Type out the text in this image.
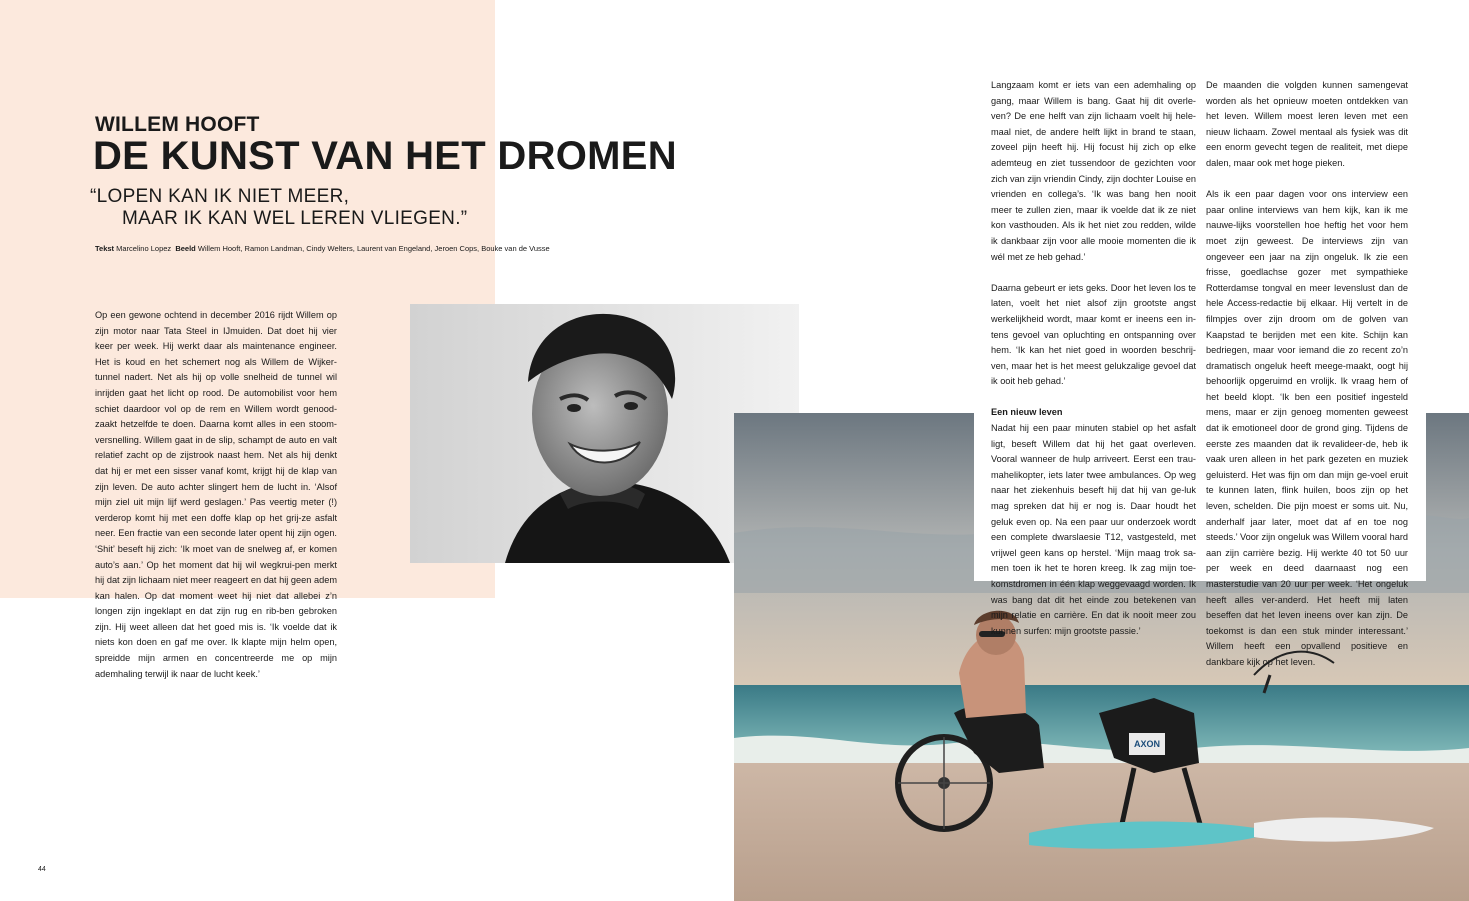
WILLEM HOOFT
DE KUNST VAN HET DROMEN
“LOPEN KAN IK NIET MEER,
MAAR IK KAN WEL LEREN VLIEGEN.”
Tekst Marcelino Lopez Beeld Willem Hooft, Ramon Landman, Cindy Welters, Laurent van Engeland, Jeroen Cops, Bouke van de Vusse

Op een gewone ochtend in december 2016 rijdt Willem op zijn motor naar Tata Steel in IJmuiden. Dat doet hij vier keer per week. Hij werkt daar als maintenance engineer. Het is koud en het schemert nog als Willem de Wijker-tunnel nadert. Net als hij op volle snelheid de tunnel wil inrijden gaat het licht op rood. De automobilist voor hem schiet daardoor vol op de rem en Willem wordt genood-zaakt hetzelfde te doen. Daarna komt alles in een stoom-versnelling. Willem gaat in de slip, schampt de auto en valt relatief zacht op de zijstrook naast hem. Net als hij denkt dat hij er met een sisser vanaf komt, krijgt hij de klap van zijn leven. De auto achter slingert hem de lucht in. ‘Alsof mijn ziel uit mijn lijf werd geslagen.’ Pas veertig meter (!) verderop komt hij met een doffe klap op het grij-ze asfalt neer. Een fractie van een seconde later opent hij zijn ogen. ‘Shit’ beseft hij zich: ‘Ik moet van de snelweg af, er komen auto’s aan.’ Op het moment dat hij wil wegkrui-pen merkt hij dat zijn lichaam niet meer reageert en dat hij geen adem kan halen. Op dat moment weet hij niet dat allebei z’n longen zijn ingeklapt en dat zijn rug en rib-ben gebroken zijn. Hij weet alleen dat het goed mis is. ‘Ik voelde dat ik niets kon doen en gaf me over. Ik klapte mijn helm open, spreidde mijn armen en concentreerde me op mijn ademhaling terwijl ik naar de lucht keek.’

AXON

Langzaam komt er iets van een ademhaling op gang, maar Willem is bang. Gaat hij dit overle-ven? De ene helft van zijn lichaam voelt hij hele-maal niet, de andere helft lijkt in brand te staan, zoveel pijn heeft hij. Hij focust hij zich op elke ademteug en ziet tussendoor de gezichten voor zich van zijn vriendin Cindy, zijn dochter Louise en vrienden en collega’s. ‘Ik was bang hen nooit meer te zullen zien, maar ik voelde dat ik ze niet kon vasthouden. Als ik het niet zou redden, wilde ik dankbaar zijn voor alle mooie momenten die ik wél met ze heb gehad.’

Daarna gebeurt er iets geks. Door het leven los te laten, voelt het niet alsof zijn grootste angst werkelijkheid wordt, maar komt er ineens een in-tens gevoel van opluchting en ontspanning over hem. ‘Ik kan het niet goed in woorden beschrij-ven, maar het is het meest gelukzalige gevoel dat ik ooit heb gehad.’

Een nieuw leven

Nadat hij een paar minuten stabiel op het asfalt ligt, beseft Willem dat hij het gaat overleven. Vooral wanneer de hulp arriveert. Eerst een trau-mahelikopter, iets later twee ambulances. Op weg naar het ziekenhuis beseft hij dat hij van ge-luk mag spreken dat hij er nog is. Daar houdt het geluk even op. Na een paar uur onderzoek wordt een complete dwarslaesie T12, vastgesteld, met vrijwel geen kans op herstel. ‘Mijn maag trok sa-men toen ik het te horen kreeg. Ik zag mijn toe-komstdromen in één klap weggevaagd worden. Ik was bang dat dit het einde zou betekenen van mijn relatie en carrière. En dat ik nooit meer zou kunnen surfen: mijn grootste passie.’

De maanden die volgden kunnen samengevat worden als het opnieuw moeten ontdekken van het leven. Willem moest leren leven met een nieuw lichaam. Zowel mentaal als fysiek was dit een enorm gevecht tegen de realiteit, met diepe dalen, maar ook met hoge pieken.

Als ik een paar dagen voor ons interview een paar online interviews van hem kijk, kan ik me nauwe-lijks voorstellen hoe heftig het voor hem moet zijn geweest. De interviews zijn van ongeveer een jaar na zijn ongeluk. Ik zie een frisse, goedlachse gozer met sympathieke Rotterdamse tongval en meer levenslust dan de hele Access-redactie bij elkaar. Hij vertelt in de filmpjes over zijn droom om de golven van Kaapstad te berijden met een kite. Schijn kan bedriegen, maar voor iemand die zo recent zo’n dramatisch ongeluk heeft meege-maakt, oogt hij behoorlijk opgeruimd en vrolijk. Ik vraag hem of het beeld klopt. ‘Ik ben een positief ingesteld mens, maar er zijn genoeg momenten geweest dat ik emotioneel door de grond ging. Tijdens de eerste zes maanden dat ik revalideer-de, heb ik vaak uren alleen in het park gezeten en muziek geluisterd. Het was fijn om dan mijn ge-voel eruit te kunnen laten, flink huilen, boos zijn op het leven, schelden. Die pijn moest er soms uit. Nu, anderhalf jaar later, moet dat af en toe nog steeds.’ Voor zijn ongeluk was Willem vooral hard aan zijn carrière bezig. Hij werkte 40 tot 50 uur per week en deed daarnaast nog een masterstudie van 20 uur per week. ‘Het ongeluk heeft alles ver-anderd. Het heeft mij laten beseffen dat het leven ineens over kan zijn. De toekomst is dan een stuk minder interessant.’ Willem heeft een opvallend positieve en dankbare kijk op het leven.

44
